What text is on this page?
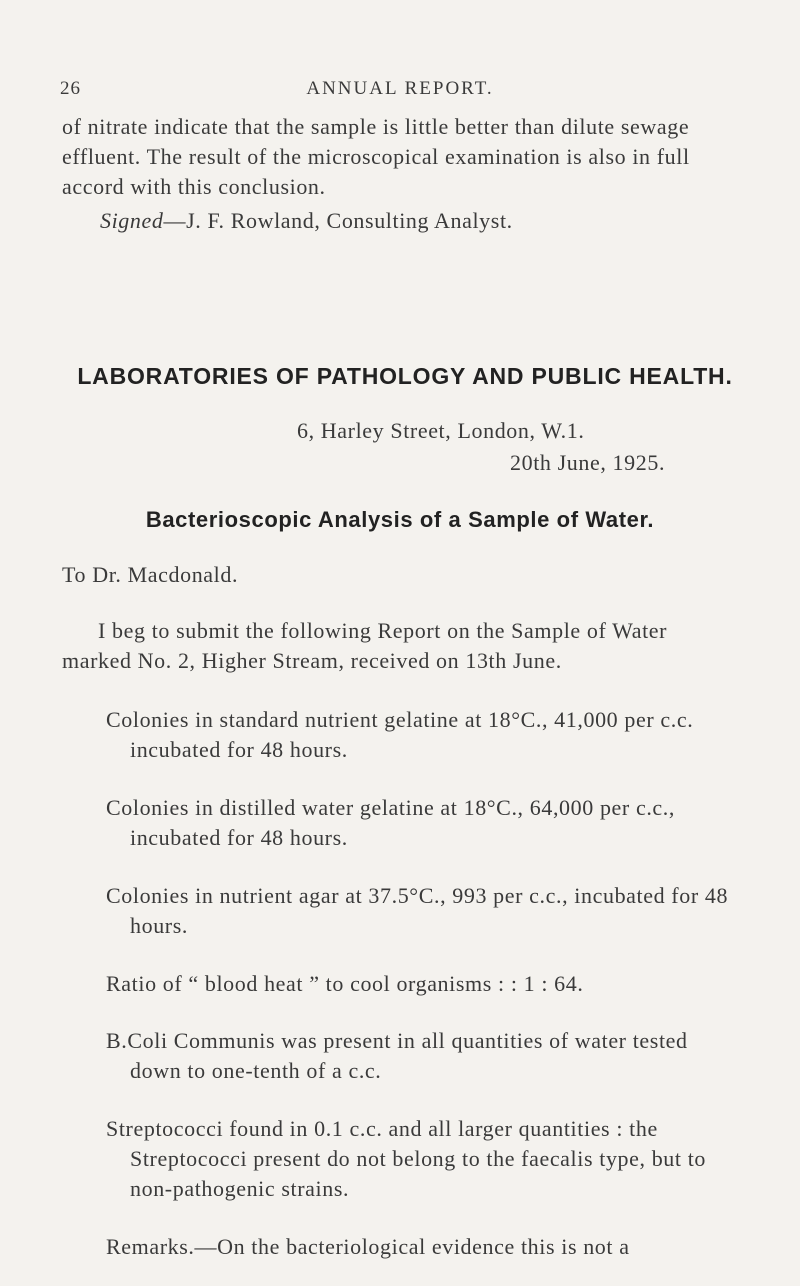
26	ANNUAL REPORT.

of nitrate indicate that the sample is little better than dilute sewage effluent. The result of the microscopical examination is also in full accord with this conclusion.

Signed—J. F. Rowland, Consulting Analyst.

LABORATORIES OF PATHOLOGY AND PUBLIC HEALTH.
6, Harley Street, London, W.1.
20th June, 1925.
Bacterioscopic Analysis of a Sample of Water.
To Dr. Macdonald.

I beg to submit the following Report on the Sample of Water marked No. 2, Higher Stream, received on 13th June.

Colonies in standard nutrient gelatine at 18°C., 41,000 per c.c. incubated for 48 hours.

Colonies in distilled water gelatine at 18°C., 64,000 per c.c., incubated for 48 hours.

Colonies in nutrient agar at 37.5°C., 993 per c.c., incubated for 48 hours.

Ratio of “ blood heat ” to cool organisms : : 1 : 64.

B.Coli Communis was present in all quantities of water tested down to one-tenth of a c.c.

Streptococci found in 0.1 c.c. and all larger quantities : the Streptococci present do not belong to the faecalis type, but to non-pathogenic strains.

Remarks.—On the bacteriological evidence this is not a
